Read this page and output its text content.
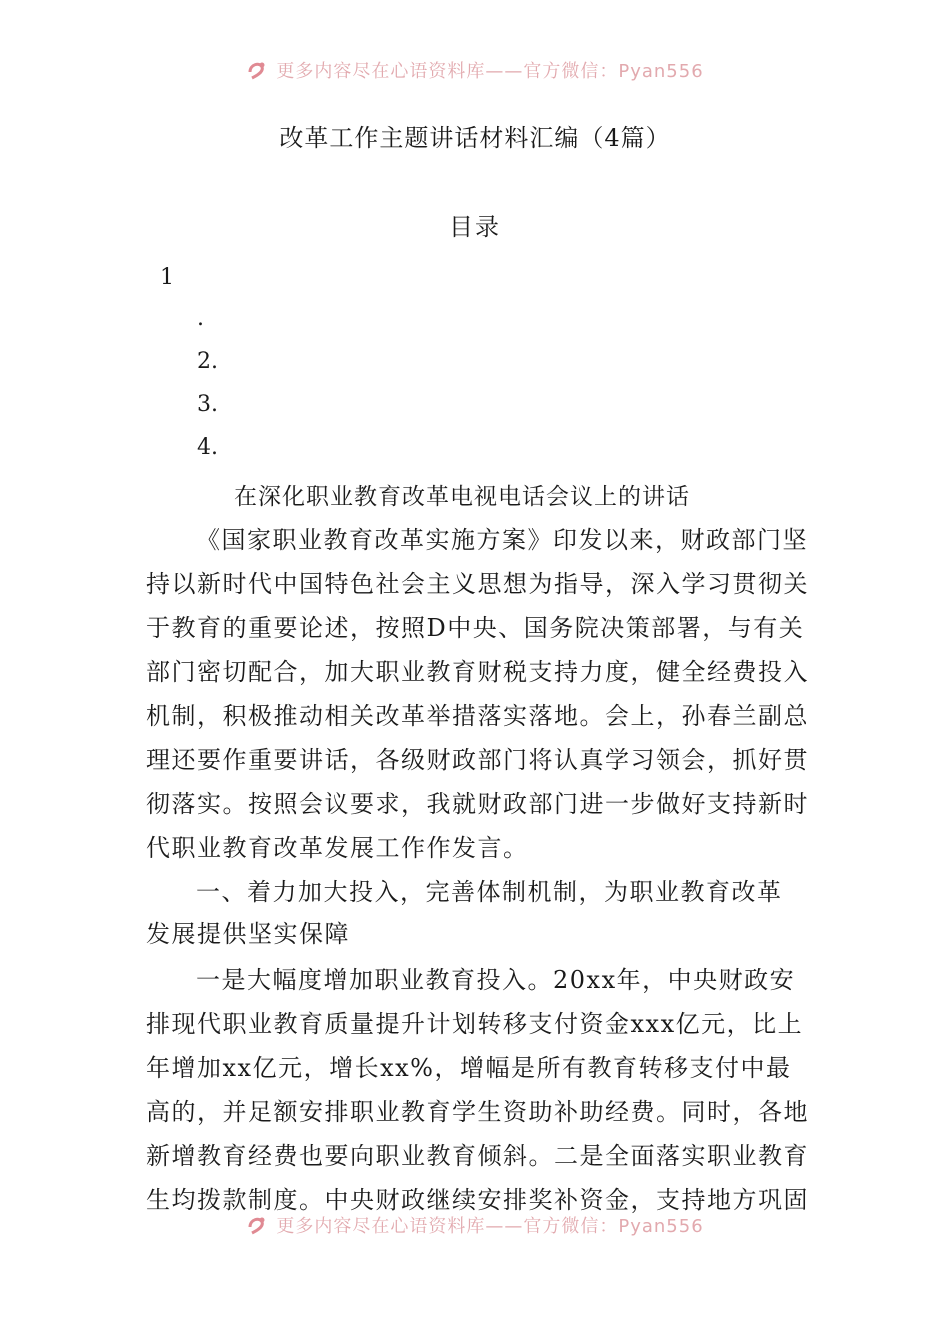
更多内容尽在心语资料库——官方微信：Pyan556
改革工作主题讲话材料汇编（4篇）
目录
1
.
2.
3.
4.
在深化职业教育改革电视电话会议上的讲话
《国家职业教育改革实施方案》印发以来，财政部门坚
持以新时代中国特色社会主义思想为指导，深入学习贯彻关
于教育的重要论述，按照D中央、国务院决策部署，与有关
部门密切配合，加大职业教育财税支持力度，健全经费投入
机制，积极推动相关改革举措落实落地。会上，孙春兰副总
理还要作重要讲话，各级财政部门将认真学习领会，抓好贯
彻落实。按照会议要求，我就财政部门进一步做好支持新时
代职业教育改革发展工作作发言。
一、着力加大投入，完善体制机制，为职业教育改革
发展提供坚实保障
一是大幅度增加职业教育投入。20xx年，中央财政安
排现代职业教育质量提升计划转移支付资金xxx亿元，比上
年增加xx亿元，增长xx%，增幅是所有教育转移支付中最
高的，并足额安排职业教育学生资助补助经费。同时，各地
新增教育经费也要向职业教育倾斜。二是全面落实职业教育
生均拨款制度。中央财政继续安排奖补资金，支持地方巩固
更多内容尽在心语资料库——官方微信：Pyan556
